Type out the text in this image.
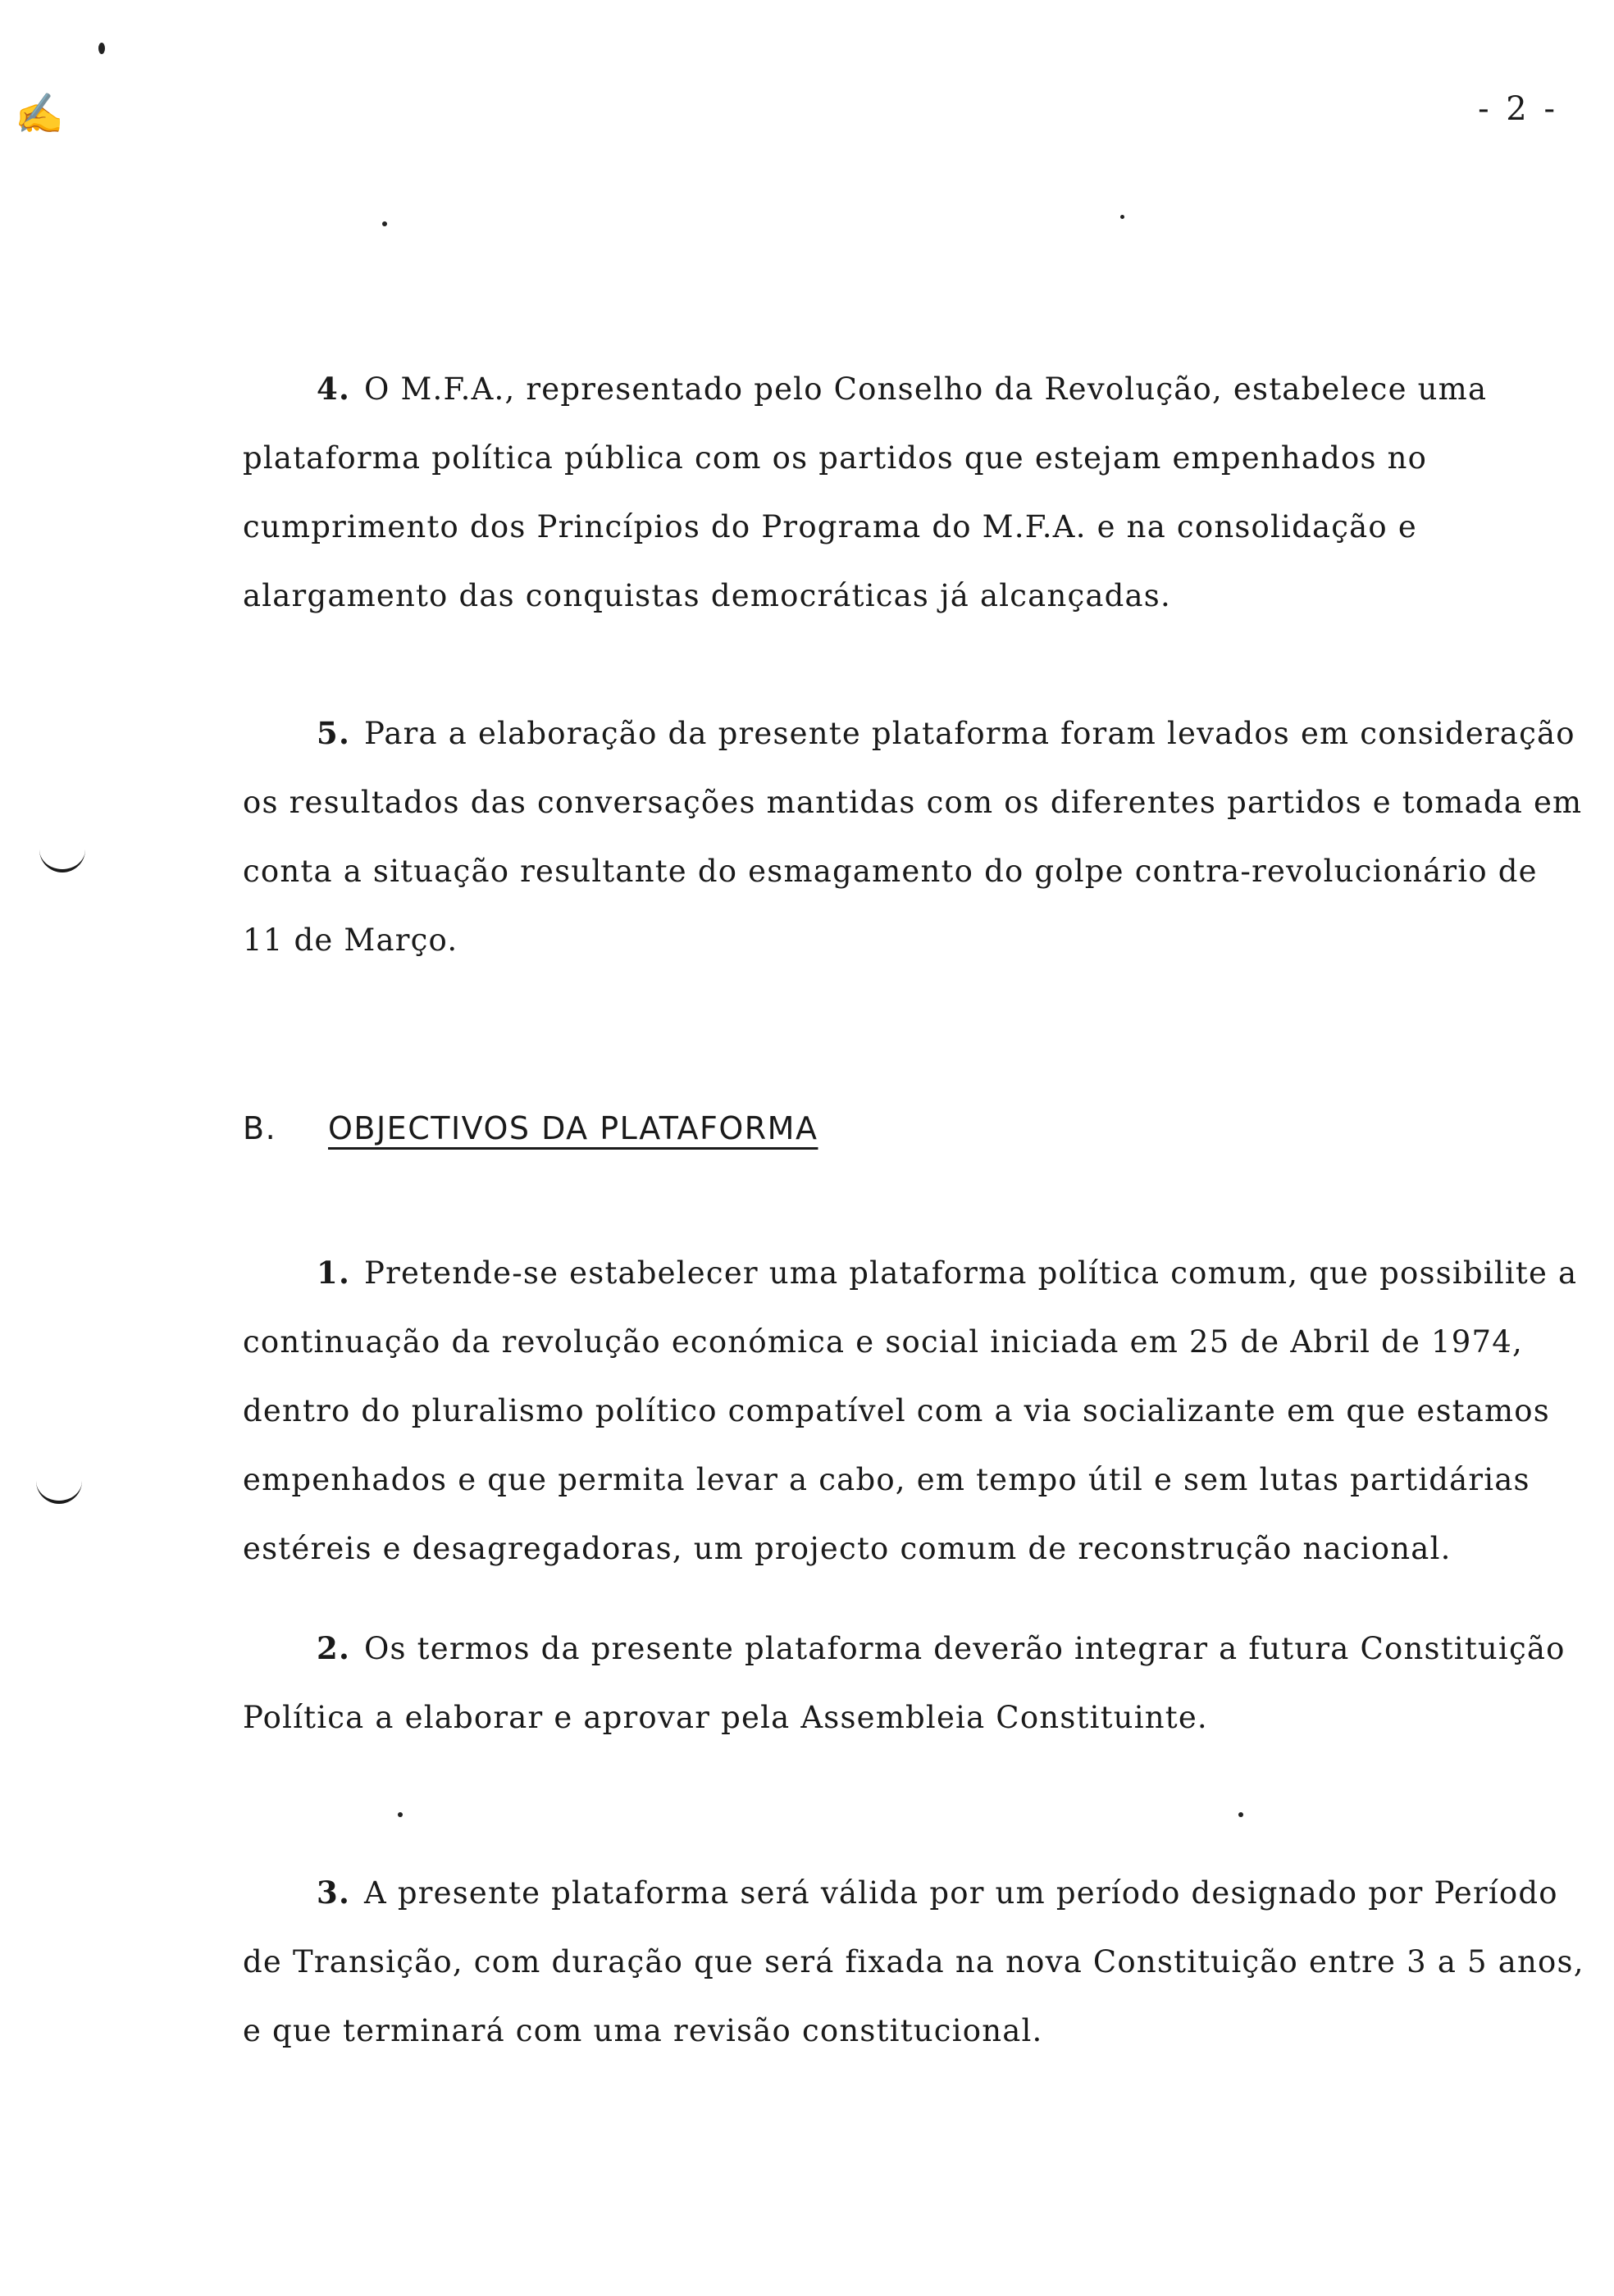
- 2 -
✍

4. O M.F.A., representado pelo Conselho da Revolução, estabelece uma plataforma política pública com os partidos que estejam empenhados no cumprimento dos Princípios do Programa do M.F.A. e na consolidação e alargamento das conquistas democráticas já alcançadas.

5. Para a elaboração da presente plataforma foram levados em consideração os resultados das conversações mantidas com os diferentes partidos e tomada em conta a situação resultante do esmagamento do golpe contra-revolucionário de 11 de Março.

B. OBJECTIVOS DA PLATAFORMA

1. Pretende-se estabelecer uma plataforma política comum, que possibilite a continuação da revolução económica e social iniciada em 25 de Abril de 1974, dentro do pluralismo político compatível com a via socializante em que estamos empenhados e que permita levar a cabo, em tempo útil e sem lutas partidárias estéreis e desagregadoras, um projecto comum de reconstrução nacional.

2. Os termos da presente plataforma deverão integrar a futura Constituição Política a elaborar e aprovar pela Assembleia Constituinte.

3. A presente plataforma será válida por um período designado por Período de Transição, com duração que será fixada na nova Constituição entre 3 a 5 anos, e que terminará com uma revisão constitucional.
